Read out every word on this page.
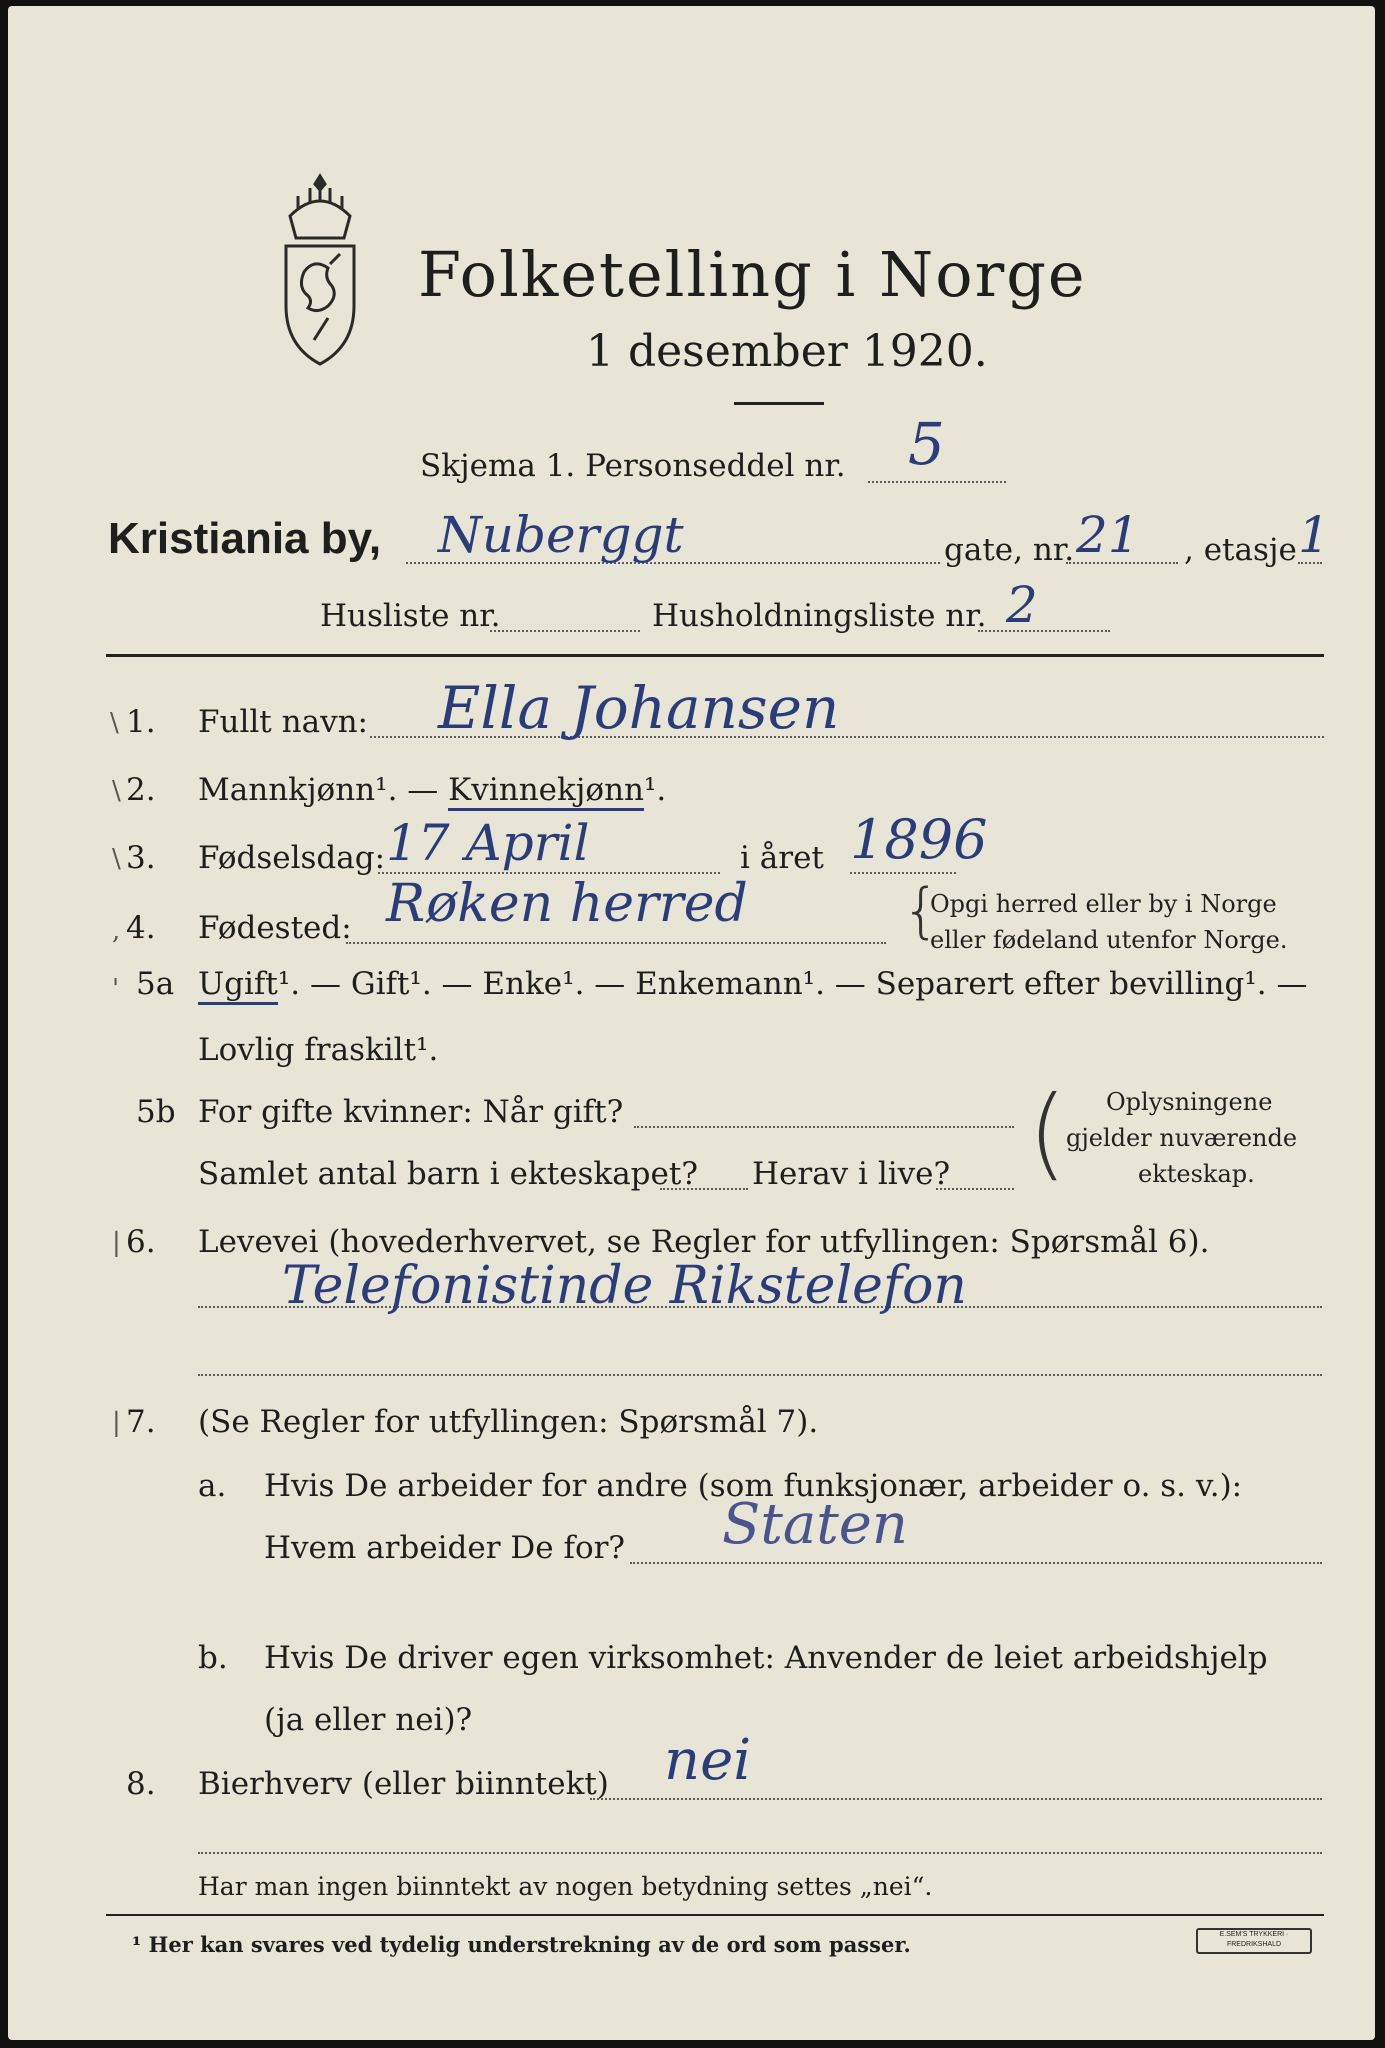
Folketelling i Norge
1 desember 1920.
Skjema 1. Personseddel nr. 5
Kristiania by, Nuberggt	gate, nr. 21 , etasje 1
Husliste nr.	Husholdningsliste nr. 2
\ 1. Fullt navn: Ella Johansen
\ 2. Mannkjønn¹. — Kvinnekjønn¹.
\ 3. Fødselsdag: 17 April	i året 1896
, 4. Fødested: Røken herred	{
Opgi herred eller by i Norge
eller fødeland utenfor Norge.
' 5a Ugift¹. — Gift¹. — Enke¹. — Enkemann¹. — Separert efter bevilling¹. —
Lovlig fraskilt¹.
5b For gifte kvinner: Når gift?
Samlet antal barn i ekteskapet? Herav i live? ( Oplysningene
gjelder nuværende
ekteskap.
| 6. Levevei (hovederhvervet, se Regler for utfyllingen: Spørsmål 6).
Telefonistinde Rikstelefon
| 7. (Se Regler for utfyllingen: Spørsmål 7).
a. Hvis De arbeider for andre (som funksjonær, arbeider o. s. v.):
Hvem arbeider De for? Staten
b. Hvis De driver egen virksomhet: Anvender de leiet arbeidshjelp
(ja eller nei)?
8. Bierhverv (eller biinntekt) nei
Har man ingen biinntekt av nogen betydning settes „nei“.
¹ Her kan svares ved tydelig understrekning av de ord som passer.	E.SEM'S TRYKKERI · FREDRIKSHALD
